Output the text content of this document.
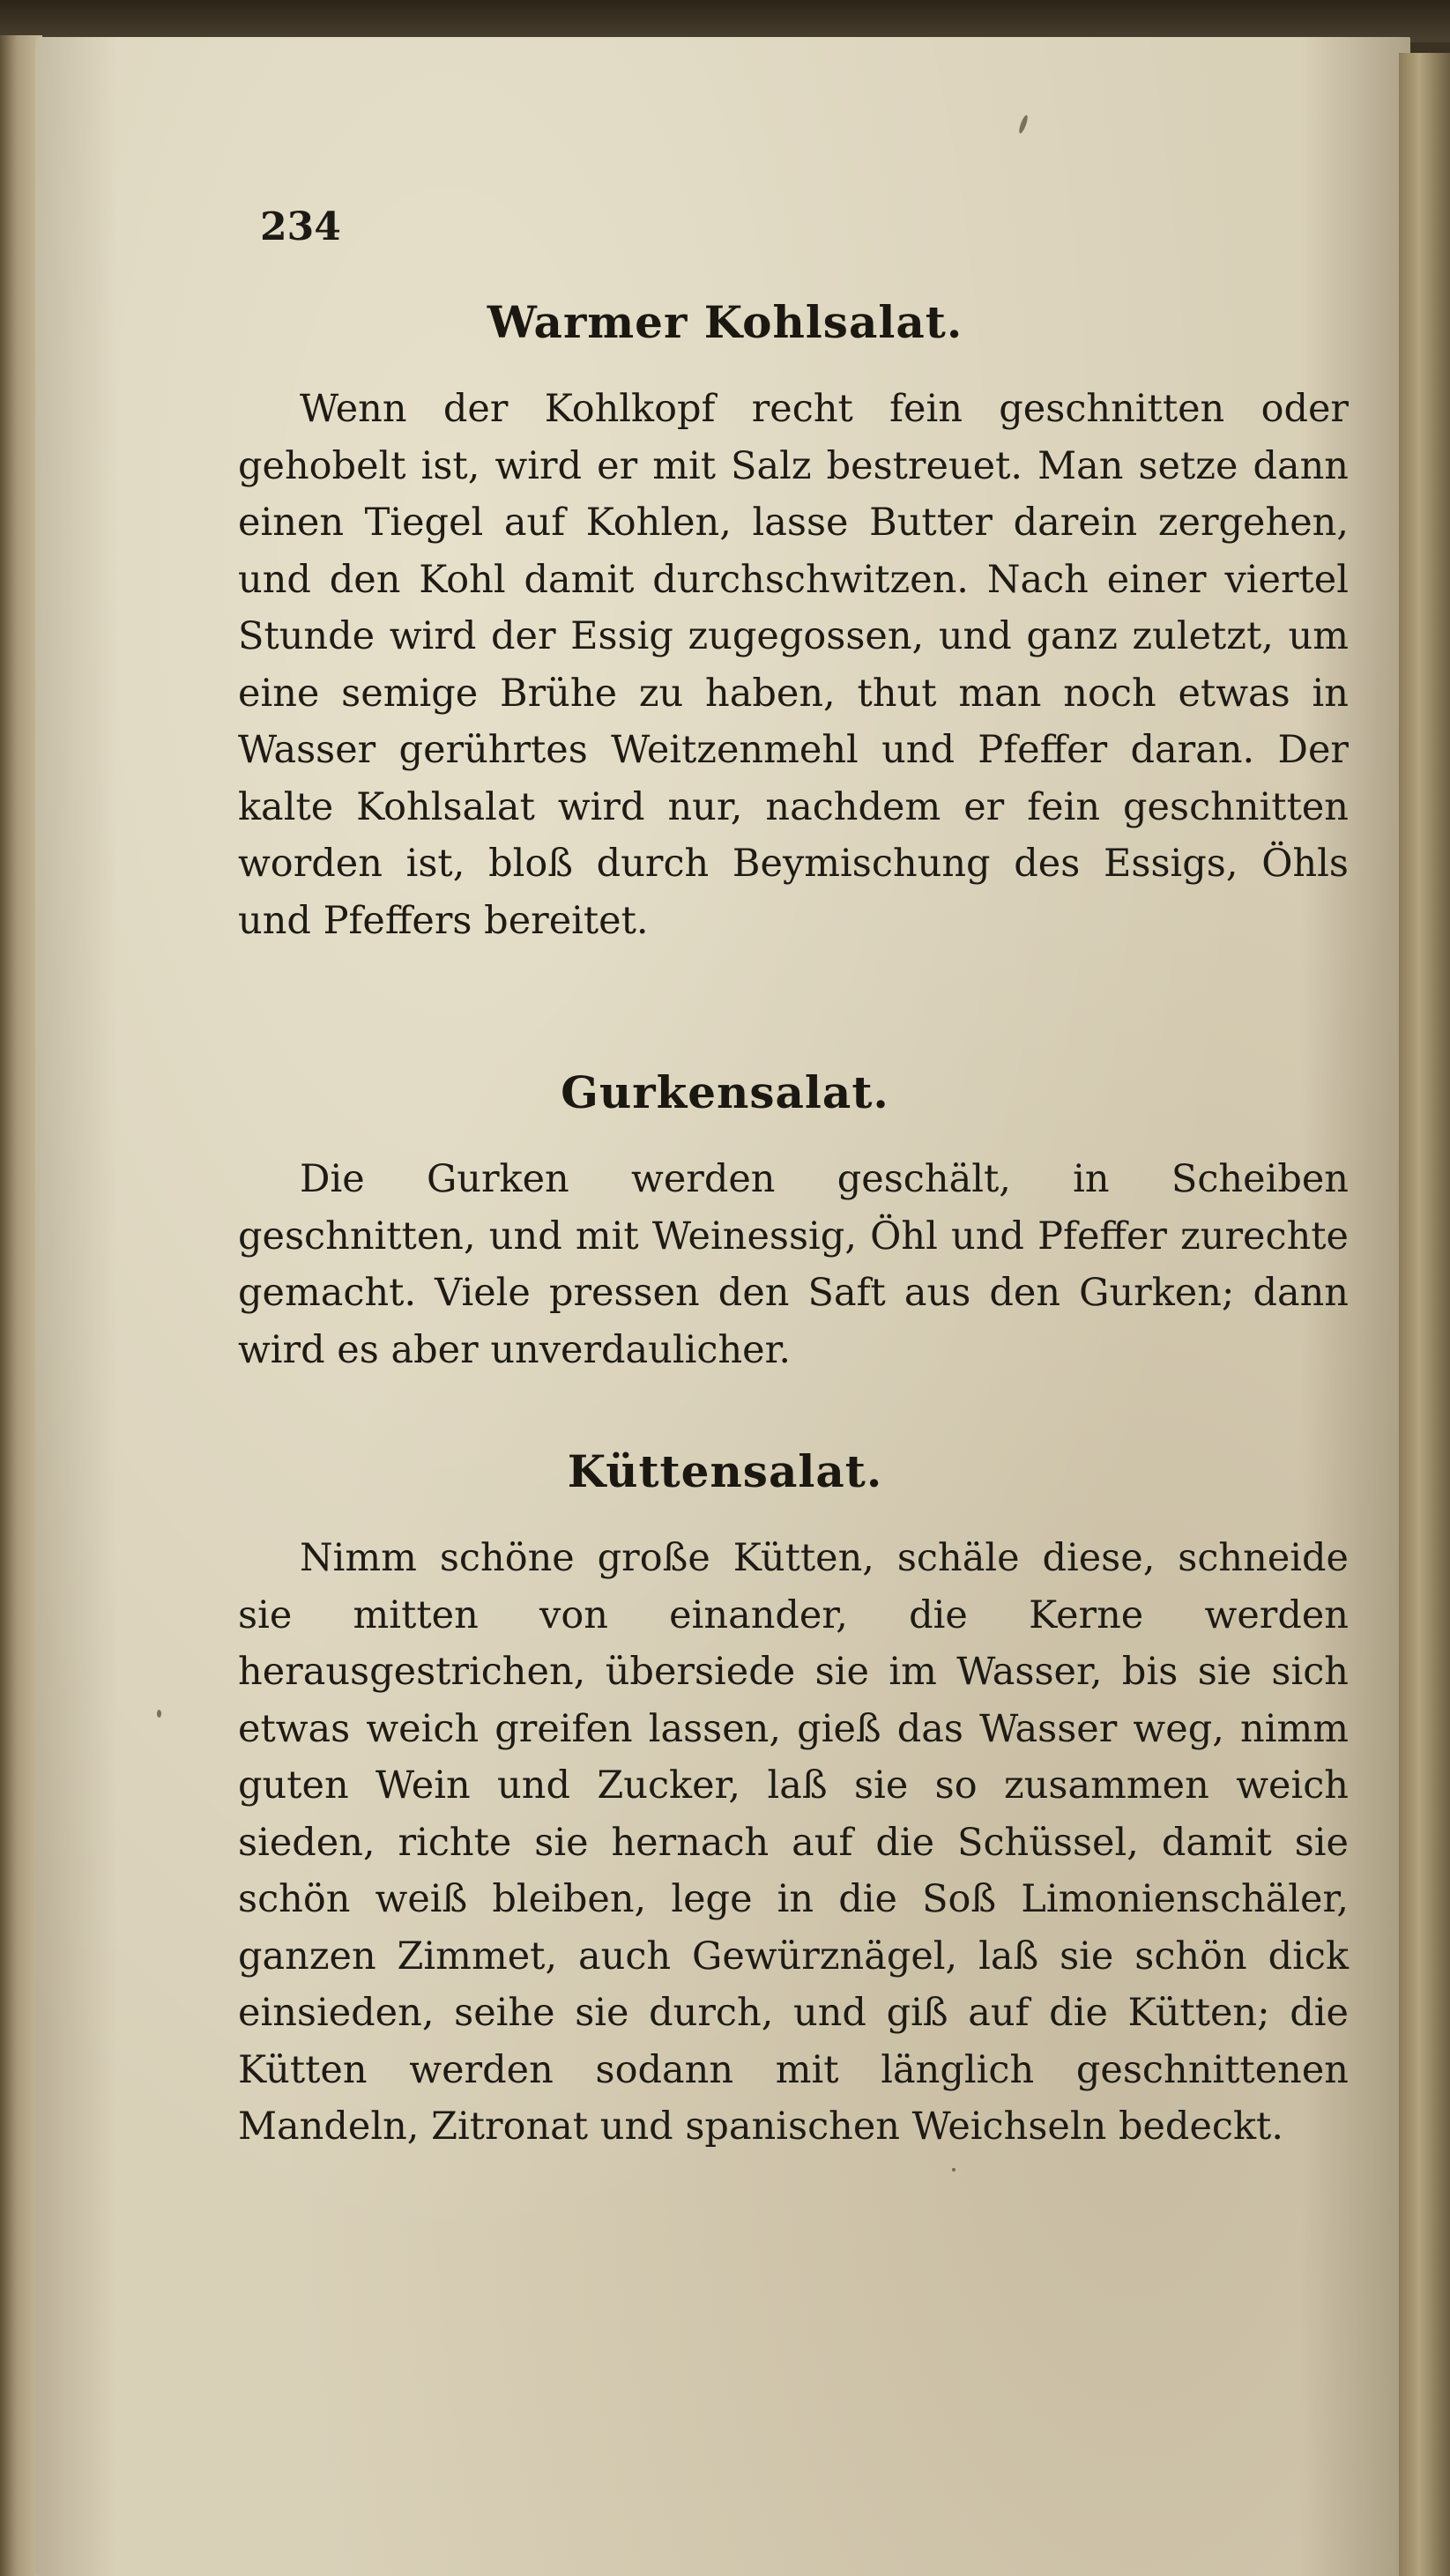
234
Warmer Kohlsalat.

Wenn der Kohlkopf recht fein geschnitten oder gehobelt ist, wird er mit Salz bestreuet. Man setze dann einen Tiegel auf Kohlen, lasse Butter darein zergehen, und den Kohl damit durchschwitzen. Nach einer viertel Stunde wird der Essig zugegossen, und ganz zuletzt, um eine semige Brühe zu haben, thut man noch etwas in Wasser gerührtes Weitzenmehl und Pfeffer daran. Der kalte Kohlsalat wird nur, nachdem er fein geschnitten worden ist, bloß durch Beymischung des Essigs, Öhls und Pfeffers bereitet.

Gurkensalat.

Die Gurken werden geschält, in Scheiben geschnitten, und mit Weinessig, Öhl und Pfeffer zurechte gemacht. Viele pressen den Saft aus den Gurken; dann wird es aber unverdaulicher.

Küttensalat.

Nimm schöne große Kütten, schäle diese, schneide sie mitten von einander, die Kerne werden herausgestrichen, übersiede sie im Wasser, bis sie sich etwas weich greifen lassen, gieß das Wasser weg, nimm guten Wein und Zucker, laß sie so zusammen weich sieden, richte sie hernach auf die Schüssel, damit sie schön weiß bleiben, lege in die Soß Limonienschäler, ganzen Zimmet, auch Gewürznägel, laß sie schön dick einsieden, seihe sie durch, und giß auf die Kütten; die Kütten werden sodann mit länglich geschnittenen Mandeln, Zitronat und spanischen Weichseln bedeckt.
